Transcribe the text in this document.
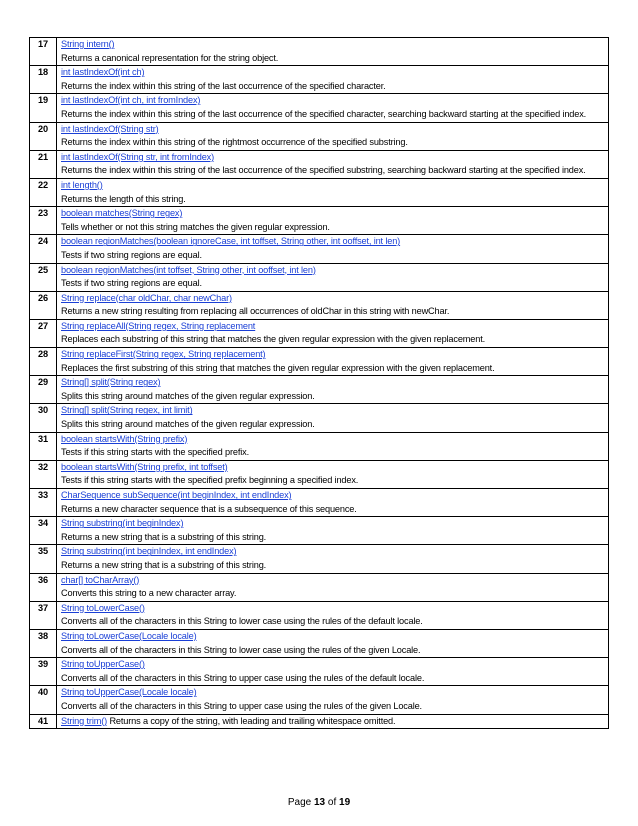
17	String intern()
Returns a canonical representation for the string object.

18	int lastIndexOf(int ch)
Returns the index within this string of the last occurrence of the specified character.

19	int lastIndexOf(int ch, int fromIndex)
Returns the index within this string of the last occurrence of the specified character, searching backward starting at the specified index.

20	int lastIndexOf(String str)
Returns the index within this string of the rightmost occurrence of the specified substring.

21	int lastIndexOf(String str, int fromIndex)
Returns the index within this string of the last occurrence of the specified substring, searching backward starting at the specified index.

22	int length()
Returns the length of this string.

23	boolean matches(String regex)
Tells whether or not this string matches the given regular expression.

24	boolean regionMatches(boolean ignoreCase, int toffset, String other, int ooffset, int len)
Tests if two string regions are equal.

25	boolean regionMatches(int toffset, String other, int ooffset, int len)
Tests if two string regions are equal.

26	String replace(char oldChar, char newChar)
Returns a new string resulting from replacing all occurrences of oldChar in this string with newChar.

27	String replaceAll(String regex, String replacement
Replaces each substring of this string that matches the given regular expression with the given replacement.

28	String replaceFirst(String regex, String replacement)
Replaces the first substring of this string that matches the given regular expression with the given replacement.

29	String[] split(String regex)
Splits this string around matches of the given regular expression.

30	String[] split(String regex, int limit)
Splits this string around matches of the given regular expression.

31	boolean startsWith(String prefix)
Tests if this string starts with the specified prefix.

32	boolean startsWith(String prefix, int toffset)
Tests if this string starts with the specified prefix beginning a specified index.

33	CharSequence subSequence(int beginIndex, int endIndex)
Returns a new character sequence that is a subsequence of this sequence.

34	String substring(int beginIndex)
Returns a new string that is a substring of this string.

35	String substring(int beginIndex, int endIndex)
Returns a new string that is a substring of this string.

36	char[] toCharArray()
Converts this string to a new character array.

37	String toLowerCase()
Converts all of the characters in this String to lower case using the rules of the default locale.

38	String toLowerCase(Locale locale)
Converts all of the characters in this String to lower case using the rules of the given Locale.

39	String toUpperCase()
Converts all of the characters in this String to upper case using the rules of the default locale.

40	String toUpperCase(Locale locale)
Converts all of the characters in this String to upper case using the rules of the given Locale.

41	String trim() Returns a copy of the string, with leading and trailing whitespace omitted.
Page 13 of 19
